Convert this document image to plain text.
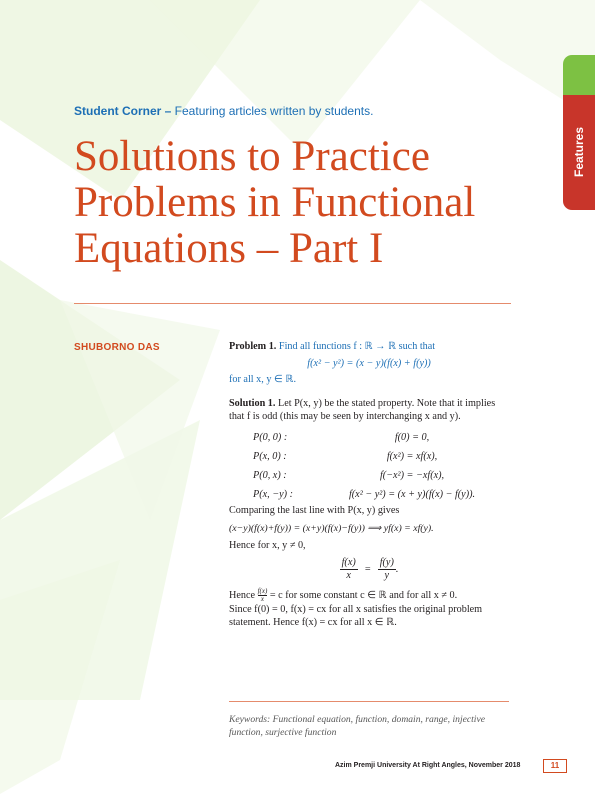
Features
Student Corner – Featuring articles written by students.
Solutions to Practice
Problems in Functional
Equations – Part I
SHUBORNO DAS	Problem 1. Find all functions f : ℝ → ℝ such that

f(x² − y²) = (x − y)(f(x) + f(y))

for all x, y ∈ ℝ.

Solution 1. Let P(x, y) be the stated property. Note that it implies that f is odd (this may be seen by interchanging x and y).

P(0, 0) :	f(0) = 0,
P(x, 0) :	f(x²) = xf(x),
P(0, x) :	f(−x²) = −xf(x),
P(x, −y) :	f(x² − y²) = (x + y)(f(x) − f(y)).

Comparing the last line with P(x, y) gives

(x−y)(f(x)+f(y)) = (x+y)(f(x)−f(y)) ⟹ yf(x) = xf(y).

Hence for x, y ≠ 0,

$\frac{f(x)}{x} = \frac{f(y)}{y}$ .

Hence $\frac{f(x)}{x} = c$ for some constant c ∈ ℝ and for all x ≠ 0.

Since f(0) = 0, f(x) = cx for all x satisfies the original problem statement. Hence f(x) = cx for all x ∈ ℝ.

Keywords: Functional equation, function, domain, range, injective function, surjective function
Azim Premji University At Right Angles, November 2018	11
